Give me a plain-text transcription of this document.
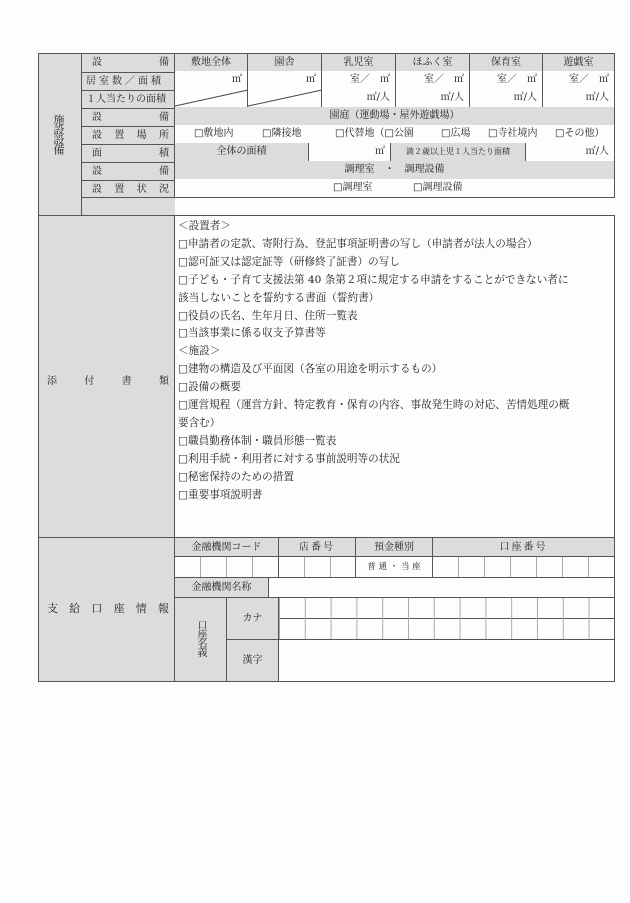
施設設備
設	備	敷地全体	園舎	乳児室	ほふく室	保育室	遊戯室
居室数／面積	㎡	㎡	室／　㎡	室／　㎡	室／　㎡	室／　㎡
１人当たりの面積	㎡/人	㎡/人	㎡/人	㎡/人
設	備	園庭（運動場・屋外遊戯場）
設 置 場 所	□敷地内	□隣接地	□代替地（□公園	□広場 □寺社境内 □その他）
面	積	全体の面積	㎡	満２歳以上児１人当たり面積	㎡/人
設	備	調理室　・　調理設備
設 置 状 況	□調理室	□調理設備
添	付	書	類
＜設置者＞
□申請者の定款、寄附行為、登記事項証明書の写し（申請者が法人の場合）
□認可証又は認定証等（研修終了証書）の写し
□子ども・子育て支援法第 40 条第２項に規定する申請をすることができない者に
該当しないことを誓約する書面（誓約書）
□役員の氏名、生年月日、住所一覧表
□当該事業に係る収支予算書等
＜施設＞
□建物の構造及び平面図（各室の用途を明示するもの）
□設備の概要
□運営規程（運営方針、特定教育・保育の内容、事故発生時の対応、苦情処理の概
要含む）
□職員勤務体制・職員形態一覧表
□利用手続・利用者に対する事前説明等の状況
□秘密保持のための措置
□重要事項説明書
支 給 口 座 情 報
金融機関コード	店番号	預金種別	口座番号
普 通 ・ 当 座
金融機関名称
口座名義
カナ
漢字
